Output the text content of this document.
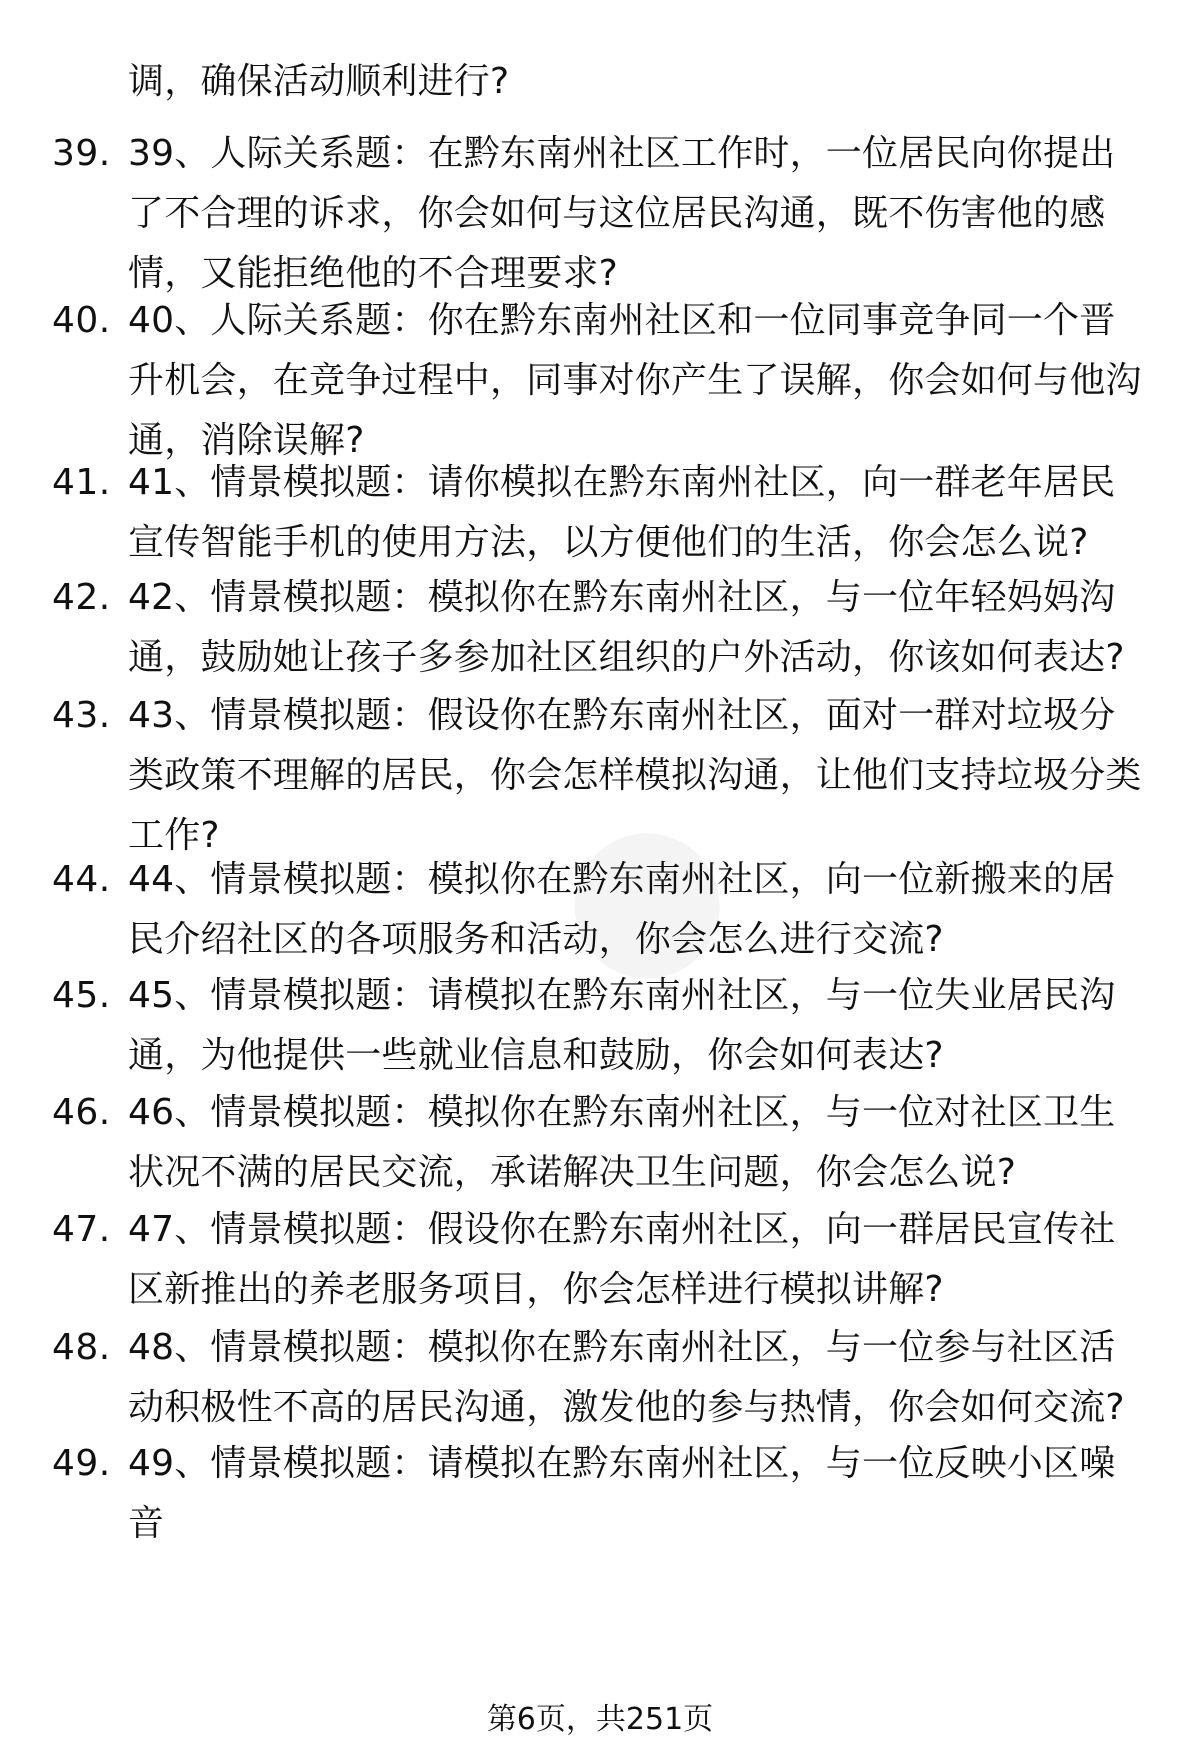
调，确保活动顺利进行?
39. 39、人际关系题：在黔东南州社区工作时，一位居民向你提出了不合理的诉求，你会如何与这位居民沟通，既不伤害他的感情，又能拒绝他的不合理要求?
40. 40、人际关系题：你在黔东南州社区和一位同事竞争同一个晋升机会，在竞争过程中，同事对你产生了误解，你会如何与他沟通，消除误解?
41. 41、情景模拟题：请你模拟在黔东南州社区，向一群老年居民宣传智能手机的使用方法，以方便他们的生活，你会怎么说?
42. 42、情景模拟题：模拟你在黔东南州社区，与一位年轻妈妈沟通，鼓励她让孩子多参加社区组织的户外活动，你该如何表达?
43. 43、情景模拟题：假设你在黔东南州社区，面对一群对垃圾分类政策不理解的居民，你会怎样模拟沟通，让他们支持垃圾分类工作?
44. 44、情景模拟题：模拟你在黔东南州社区，向一位新搬来的居民介绍社区的各项服务和活动，你会怎么进行交流?
45. 45、情景模拟题：请模拟在黔东南州社区，与一位失业居民沟通，为他提供一些就业信息和鼓励，你会如何表达?
46. 46、情景模拟题：模拟你在黔东南州社区，与一位对社区卫生状况不满的居民交流，承诺解决卫生问题，你会怎么说?
47. 47、情景模拟题：假设你在黔东南州社区，向一群居民宣传社区新推出的养老服务项目，你会怎样进行模拟讲解?
48. 48、情景模拟题：模拟你在黔东南州社区，与一位参与社区活动积极性不高的居民沟通，激发他的参与热情，你会如何交流?
49. 49、情景模拟题：请模拟在黔东南州社区，与一位反映小区噪音
第6页，共251页
